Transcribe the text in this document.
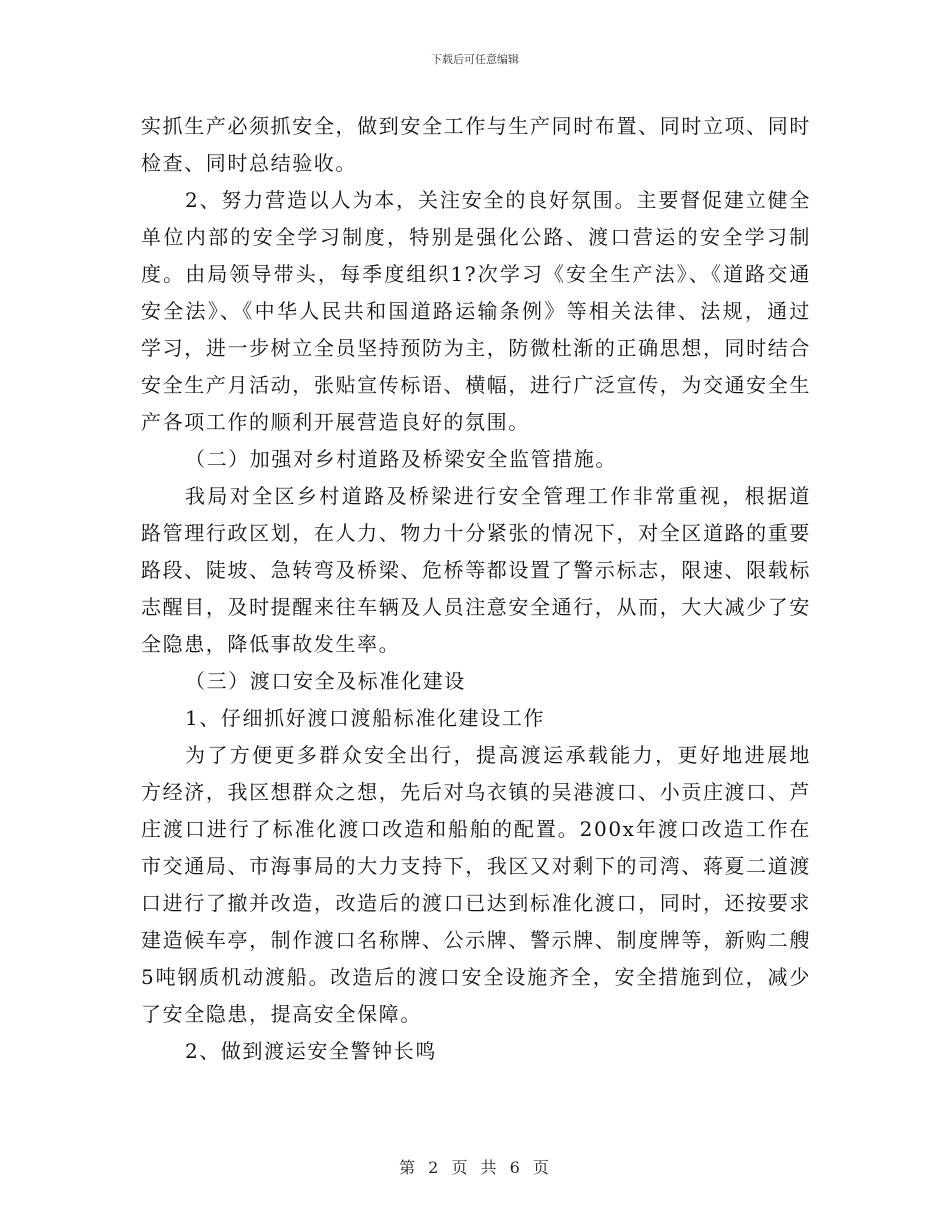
下载后可任意编辑

实抓生产必须抓安全，做到安全工作与生产同时布置、同时立项、同时检查、同时总结验收。

2、努力营造以人为本，关注安全的良好氛围。主要督促建立健全单位内部的安全学习制度，特别是强化公路、渡口营运的安全学习制度。由局领导带头，每季度组织1?次学习《安全生产法》、《道路交通安全法》、《中华人民共和国道路运输条例》等相关法律、法规，通过学习，进一步树立全员坚持预防为主，防微杜渐的正确思想，同时结合安全生产月活动，张贴宣传标语、横幅，进行广泛宣传，为交通安全生产各项工作的顺利开展营造良好的氛围。

（二）加强对乡村道路及桥梁安全监管措施。

我局对全区乡村道路及桥梁进行安全管理工作非常重视，根据道路管理行政区划，在人力、物力十分紧张的情况下，对全区道路的重要路段、陡坡、急转弯及桥梁、危桥等都设置了警示标志，限速、限载标志醒目，及时提醒来往车辆及人员注意安全通行，从而，大大减少了安全隐患，降低事故发生率。

（三）渡口安全及标准化建设

1、仔细抓好渡口渡船标准化建设工作

为了方便更多群众安全出行，提高渡运承载能力，更好地进展地方经济，我区想群众之想，先后对乌衣镇的吴港渡口、小贡庄渡口、芦庄渡口进行了标准化渡口改造和船舶的配置。200x年渡口改造工作在市交通局、市海事局的大力支持下，我区又对剩下的司湾、蒋夏二道渡口进行了撤并改造，改造后的渡口已达到标准化渡口，同时，还按要求建造候车亭，制作渡口名称牌、公示牌、警示牌、制度牌等，新购二艘5吨钢质机动渡船。改造后的渡口安全设施齐全，安全措施到位，减少了安全隐患，提高安全保障。

2、做到渡运安全警钟长鸣

第 2 页 共 6 页
